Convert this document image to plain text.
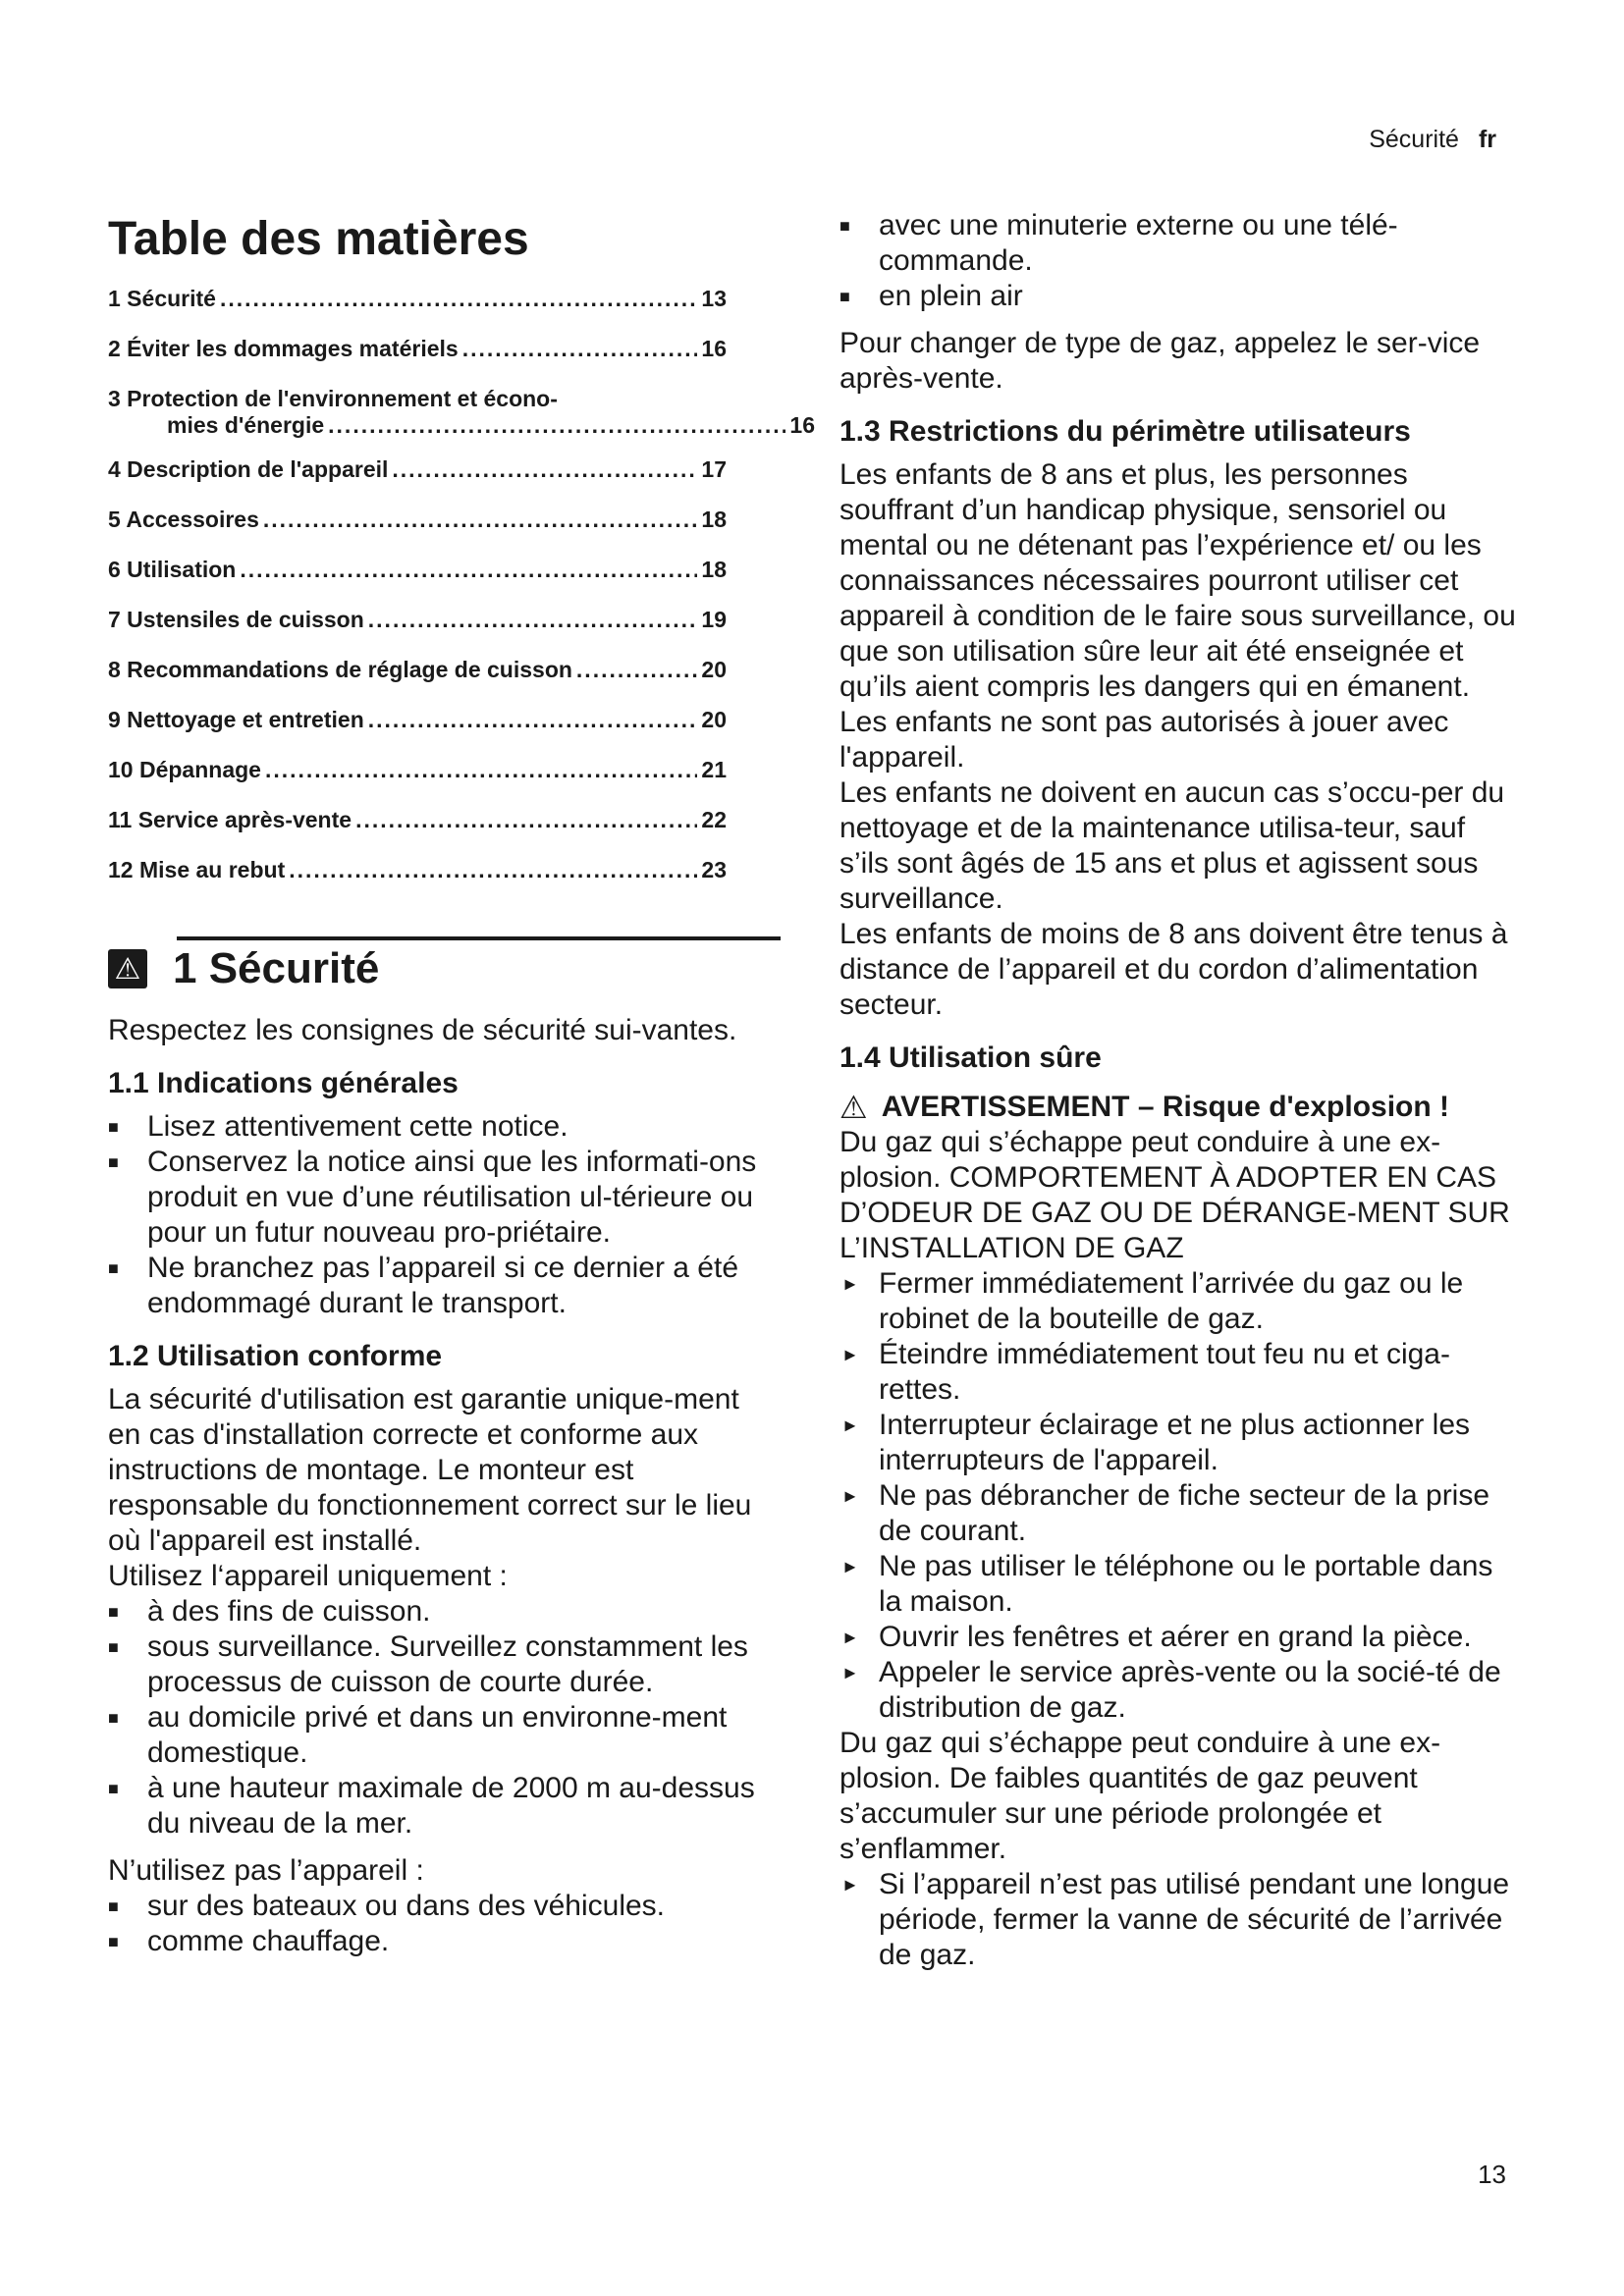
Sécurité fr
Table des matières
1 Sécurité .....	13
2 Éviter les dommages matériels .....	16
3 Protection de l'environnement et écono-
mies d'énergie .....	16
4 Description de l'appareil .....	17
5 Accessoires .....	18
6 Utilisation .....	18
7 Ustensiles de cuisson .....	19
8 Recommandations de réglage de cuisson .....	20
9 Nettoyage et entretien .....	20
10 Dépannage .....	21
11 Service après-vente .....	22
12 Mise au rebut .....	23
⚠ 1 Sécurité

Respectez les consignes de sécurité sui-vantes.

1.1 Indications générales
■ Lisez attentivement cette notice.
■ Conservez la notice ainsi que les informati-ons produit en vue d’une réutilisation ul-térieure ou pour un futur nouveau pro-priétaire.
■ Ne branchez pas l’appareil si ce dernier a été endommagé durant le transport.
1.2 Utilisation conforme

La sécurité d'utilisation est garantie unique-ment en cas d'installation correcte et conforme aux instructions de montage. Le monteur est responsable du fonctionnement correct sur le lieu où l'appareil est installé.

Utilisez l‘appareil uniquement :

■ à des fins de cuisson.
■ sous surveillance. Surveillez constamment les processus de cuisson de courte durée.
■ au domicile privé et dans un environne-ment domestique.
■ à une hauteur maximale de 2000 m au-dessus du niveau de la mer.

N’utilisez pas l’appareil :

■ sur des bateaux ou dans des véhicules.
■ comme chauffage.
■ avec une minuterie externe ou une télé-commande.
■ en plein air

Pour changer de type de gaz, appelez le ser-vice après-vente.

1.3 Restrictions du périmètre utilisateurs

Les enfants de 8 ans et plus, les personnes souffrant d’un handicap physique, sensoriel ou mental ou ne détenant pas l’expérience et/ ou les connaissances nécessaires pourront utiliser cet appareil à condition de le faire sous surveillance, ou que son utilisation sûre leur ait été enseignée et qu’ils aient compris les dangers qui en émanent.

Les enfants ne sont pas autorisés à jouer avec l'appareil.

Les enfants ne doivent en aucun cas s’occu-per du nettoyage et de la maintenance utilisa-teur, sauf s’ils sont âgés de 15 ans et plus et agissent sous surveillance.

Les enfants de moins de 8 ans doivent être tenus à distance de l’appareil et du cordon d’alimentation secteur.

1.4 Utilisation sûre
⚠ AVERTISSEMENT – Risque d'explosion !

Du gaz qui s’échappe peut conduire à une ex-plosion. COMPORTEMENT À ADOPTER EN CAS D’ODEUR DE GAZ OU DE DÉRANGE-MENT SUR L’INSTALLATION DE GAZ

► Fermer immédiatement l’arrivée du gaz ou le robinet de la bouteille de gaz.
► Éteindre immédiatement tout feu nu et ciga-rettes.
► Interrupteur éclairage et ne plus actionner les interrupteurs de l'appareil.
► Ne pas débrancher de fiche secteur de la prise de courant.
► Ne pas utiliser le téléphone ou le portable dans la maison.
► Ouvrir les fenêtres et aérer en grand la pièce.
► Appeler le service après-vente ou la socié-té de distribution de gaz.

Du gaz qui s’échappe peut conduire à une ex-plosion. De faibles quantités de gaz peuvent s’accumuler sur une période prolongée et s’enflammer.

► Si l’appareil n’est pas utilisé pendant une longue période, fermer la vanne de sécurité de l’arrivée de gaz.
13
